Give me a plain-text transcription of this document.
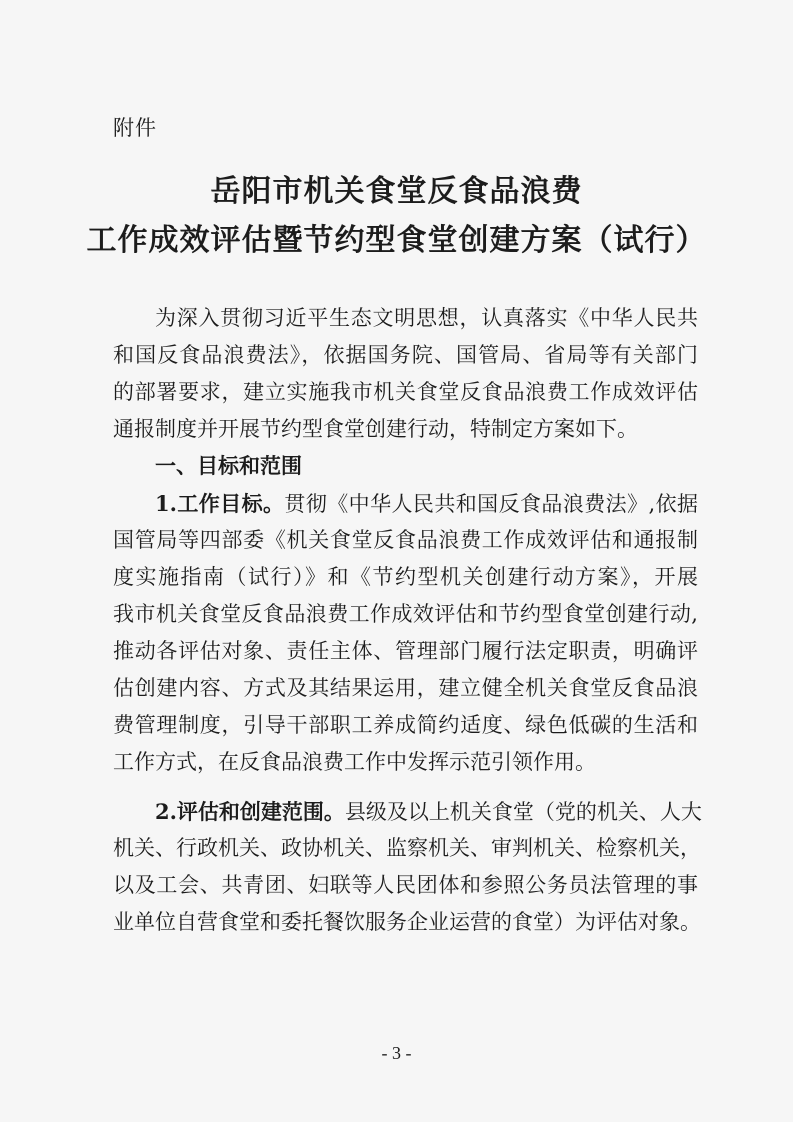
附件
岳阳市机关食堂反食品浪费
工作成效评估暨节约型食堂创建方案（试行）
为深入贯彻习近平生态文明思想，认真落实《中华人民共
和国反食品浪费法》，依据国务院、国管局、省局等有关部门
的部署要求，建立实施我市机关食堂反食品浪费工作成效评估
通报制度并开展节约型食堂创建行动，特制定方案如下。
一、目标和范围
1.工作目标。贯彻《中华人民共和国反食品浪费法》,依据
国管局等四部委《机关食堂反食品浪费工作成效评估和通报制
度实施指南（试行）》和《节约型机关创建行动方案》，开展
我市机关食堂反食品浪费工作成效评估和节约型食堂创建行动,
推动各评估对象、责任主体、管理部门履行法定职责，明确评
估创建内容、方式及其结果运用，建立健全机关食堂反食品浪
费管理制度，引导干部职工养成简约适度、绿色低碳的生活和
工作方式，在反食品浪费工作中发挥示范引领作用。
2.评估和创建范围。县级及以上机关食堂（党的机关、人大
机关、行政机关、政协机关、监察机关、审判机关、检察机关，
以及工会、共青团、妇联等人民团体和参照公务员法管理的事
业单位自营食堂和委托餐饮服务企业运营的食堂）为评估对象。
- 3 -
